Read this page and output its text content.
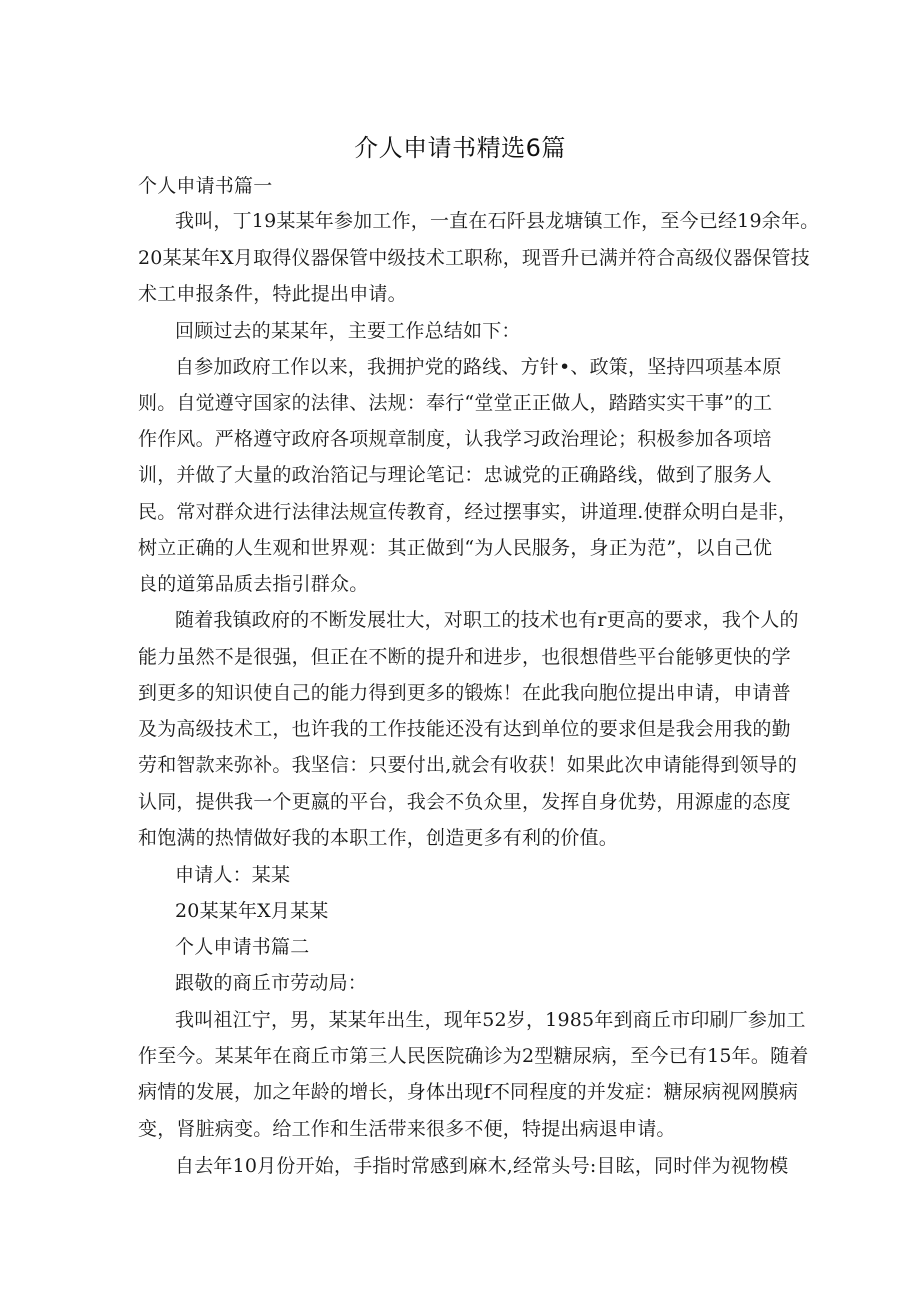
介人申请书精选6篇
个人申请书篇一
我叫，丁19某某年参加工作，一直在石阡县龙塘镇工作，至今已经19余年。
20某某年X月取得仪器保管中级技术工职称，现晋升已满并符合高级仪器保管技
术工申报条件，特此提出申请。
回顾过去的某某年，主要工作总结如下：
自参加政府工作以来，我拥护党的路线、方针•、政策，坚持四项基本原
则。自觉遵守国家的法律、法规：奉行“堂堂正正做人，踏踏实实干事”的工
作作风。严格遵守政府各项规章制度，认我学习政治理论；积极参加各项培
训，并做了大量的政治箔记与理论笔记：忠诚党的正确路线，做到了服务人
民。常对群众进行法律法规宣传教育，经过摆事实，讲道理.使群众明白是非，
树立正确的人生观和世界观：其正做到“为人民服务，身正为范”，以自己优
良的道第品质去指引群众。
随着我镇政府的不断发展壮大，对职工的技术也有r更高的要求，我个人的
能力虽然不是很强，但正在不断的提升和进步，也很想借些平台能够更快的学
到更多的知识使自己的能力得到更多的锻炼！在此我向胞位提出申请，申请普
及为高级技术工，也许我的工作技能还没有达到单位的要求但是我会用我的勤
劳和智款来弥补。我坚信：只要付出,就会有收获！如果此次申请能得到领导的
认同，提供我一个更嬴的平台，我会不负众里，发挥自身优势，用源虚的态度
和饱满的热情做好我的本职工作，创造更多有利的价值。
申请人：某某
20某某年X月某某
个人申请书篇二
跟敬的商丘市劳动局：
我叫祖江宁，男，某某年出生，现年52岁，1985年到商丘市印刷厂参加工
作至今。某某年在商丘市第三人民医院确诊为2型糖尿病，至今已有15年。随着
病情的发展，加之年龄的增长，身体出现f不同程度的并发症：糖尿病视网膜病
变，肾脏病变。给工作和生活带来很多不便，特提出病退申请。
自去年10月份开始，手指时常感到麻木,经常头号:目眩，同时伴为视物模
